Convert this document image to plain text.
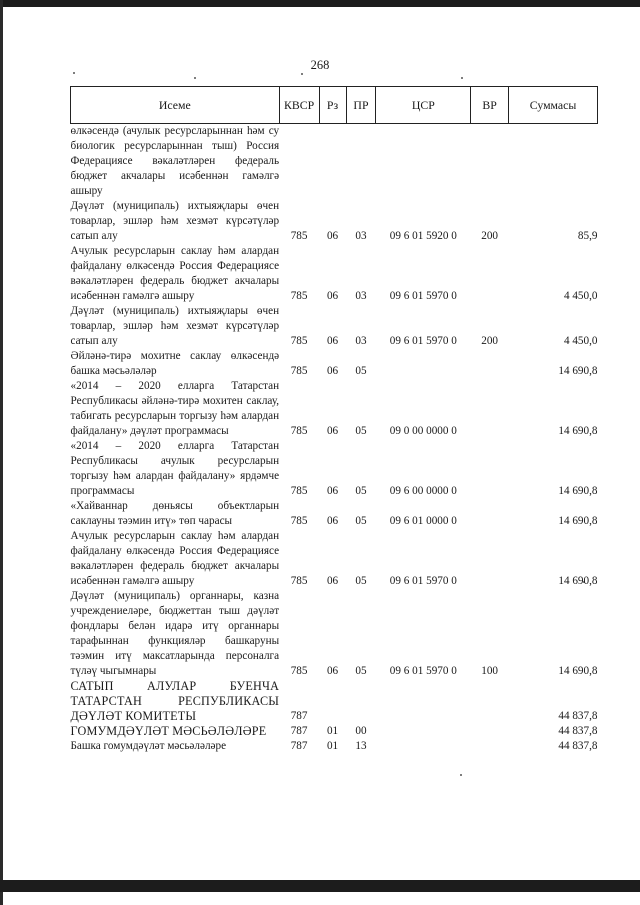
268
Исеме	КВСР	Рз	ПР	ЦСР	ВР	Суммасы
өлкәсендә (ачулык ресурсларыннан һәм су биологик ресурсларыннан тыш) Россия Федерациясе вәкаләтләрен федераль бюджет акчалары исәбеннән гамәлгә ашыру						
Дәүләт (муниципаль) ихтыяҗлары өчен товарлар, эшләр һәм хезмәт күрсәтүләр сатып алу	785	06	03	09 6 01 5920 0	200	85,9
Ачулык ресурсларын саклау һәм алардан файдалану өлкәсендә Россия Федерациясе вәкаләтләрен федераль бюджет акчалары исәбеннән гамәлгә ашыру	785	06	03	09 6 01 5970 0		4 450,0
Дәүләт (муниципаль) ихтыяҗлары өчен товарлар, эшләр һәм хезмәт күрсәтүләр сатып алу	785	06	03	09 6 01 5970 0	200	4 450,0
Әйләнә-тирә мохитне саклау өлкәсендә башка мәсьәләләр	785	06	05			14 690,8
«2014 – 2020 елларга Татарстан Республикасы әйләнә-тирә мохитен саклау, табигать ресурсларын торгызу һәм алардан файдалану» дәүләт программасы	785	06	05	09 0 00 0000 0		14 690,8
«2014 – 2020 елларга Татарстан Республикасы ачулык ресурсларын торгызу һәм алардан файдалану» ярдәмче программасы	785	06	05	09 6 00 0000 0		14 690,8
«Хайваннар дөньясы объектларын саклауны тәэмин итү» төп чарасы	785	06	05	09 6 01 0000 0		14 690,8
Ачулык ресурсларын саклау һәм алардан файдалану өлкәсендә Россия Федерациясе вәкаләтләрен федераль бюджет акчалары исәбеннән гамәлгә ашыру	785	06	05	09 6 01 5970 0		14 690,8
Дәүләт (муниципаль) органнары, казна учреждениеләре, бюджеттан тыш дәүләт фондлары белән идарә итү органнары тарафыннан функцияләр башкаруны тәэмин итү максатларында персоналга түләү чыгымнары	785	06	05	09 6 01 5970 0	100	14 690,8
САТЫП АЛУЛАР БУЕНЧА ТАТАРСТАН РЕСПУБЛИКАСЫ ДӘҮЛӘТ КОМИТЕТЫ	787					44 837,8
ГОМУМДӘҮЛӘТ МӘСЬӘЛӘЛӘРЕ	787	01	00			44 837,8
Башка гомумдәүләт мәсьәләләре	787	01	13			44 837,8
